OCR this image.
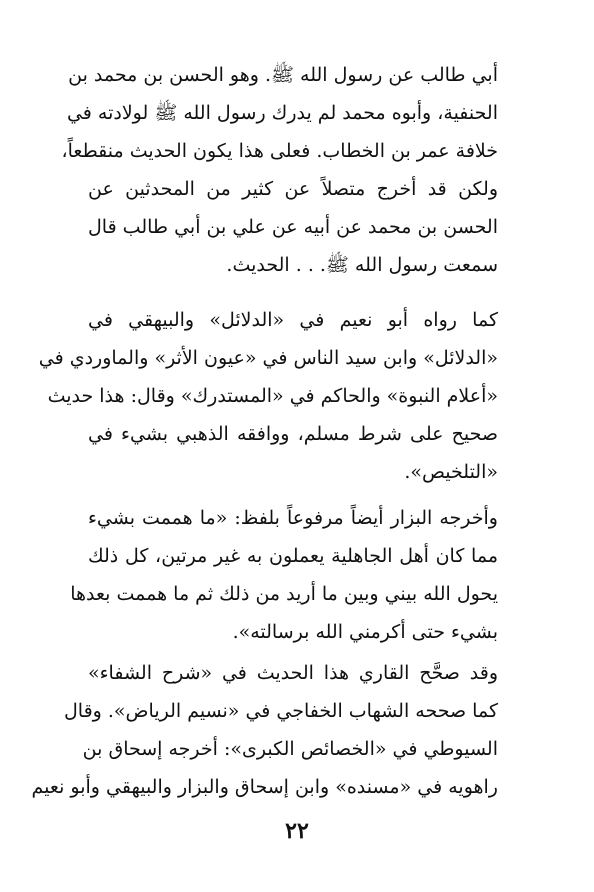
أبي طالب عن رسول الله ﷺ. وهو الحسن بن محمد بن
الحنفية، وأبوه محمد لم يدرك رسول الله ﷺ لولادته في
خلافة عمر بن الخطاب. فعلى هذا يكون الحديث منقطعاً،
ولكن قد أخرج متصلاً عن كثير من المحدثين عن
الحسن بن محمد عن أبيه عن علي بن أبي طالب قال
سمعت رسول الله ﷺ. . . الحديث.
كما رواه أبو نعيم في «الدلائل» والبيهقي في
«الدلائل» وابن سيد الناس في «عيون الأثر» والماوردي في
«أعلام النبوة» والحاكم في «المستدرك» وقال: هذا حديث
صحيح على شرط مسلم، ووافقه الذهبي بشيء في
«التلخيص».
وأخرجه البزار أيضاً مرفوعاً بلفظ: «ما هممت بشيء
مما كان أهل الجاهلية يعملون به غير مرتين، كل ذلك
يحول الله بيني وبين ما أريد من ذلك ثم ما هممت بعدها
بشيء حتى أكرمني الله برسالته».
وقد صحَّح القاري هذا الحديث في «شرح الشفاء»
كما صححه الشهاب الخفاجي في «نسيم الرياض». وقال
السيوطي في «الخصائص الكبرى»: أخرجه إسحاق بن
راهويه في «مسنده» وابن إسحاق والبزار والبيهقي وأبو نعيم
٢٢
